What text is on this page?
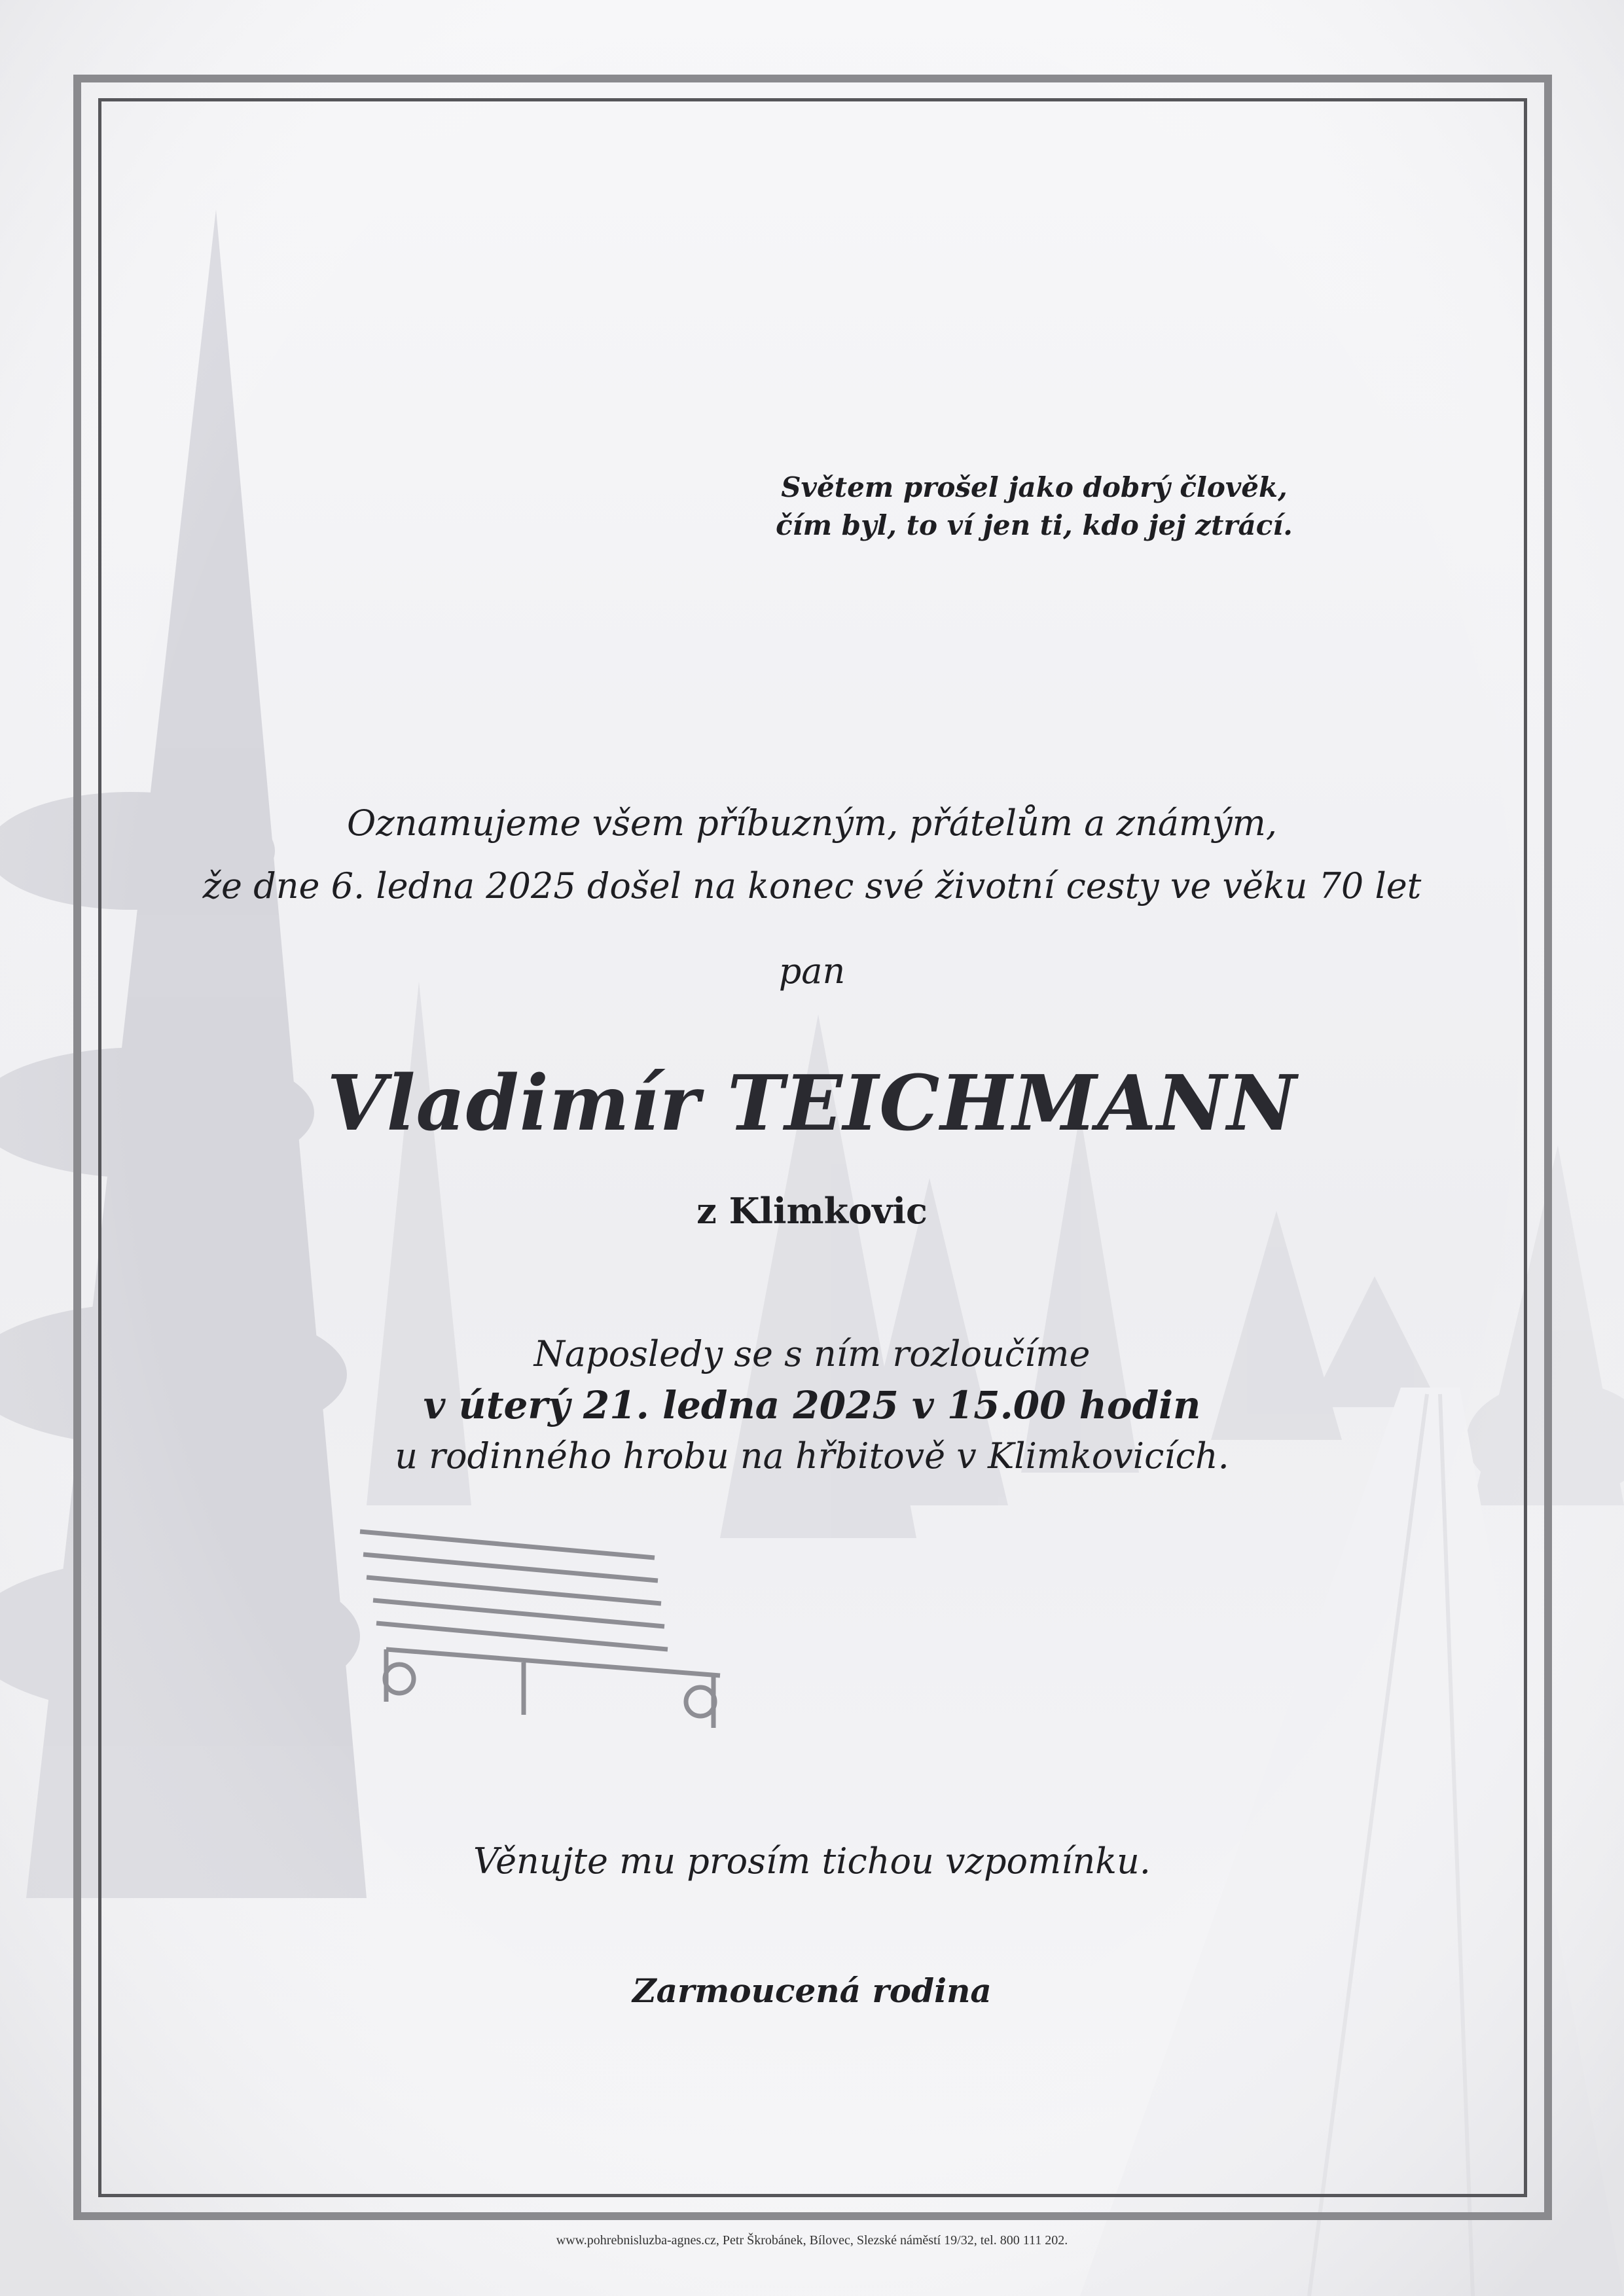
Světem prošel jako dobrý člověk,
čím byl, to ví jen ti, kdo jej ztrácí.
Oznamujeme všem příbuzným, přátelům a známým,
že dne 6. ledna 2025 došel na konec své životní cesty ve věku 70 let
pan
Vladimír TEICHMANN
z Klimkovic
Naposledy se s ním rozloučíme
v úterý 21. ledna 2025 v 15.00 hodin
u rodinného hrobu na hřbitově v Klimkovicích.
Věnujte mu prosím tichou vzpomínku.
Zarmoucená rodina
www.pohrebnisluzba-agnes.cz, Petr Škrobánek, Bílovec, Slezské náměstí 19/32, tel. 800 111 202.
